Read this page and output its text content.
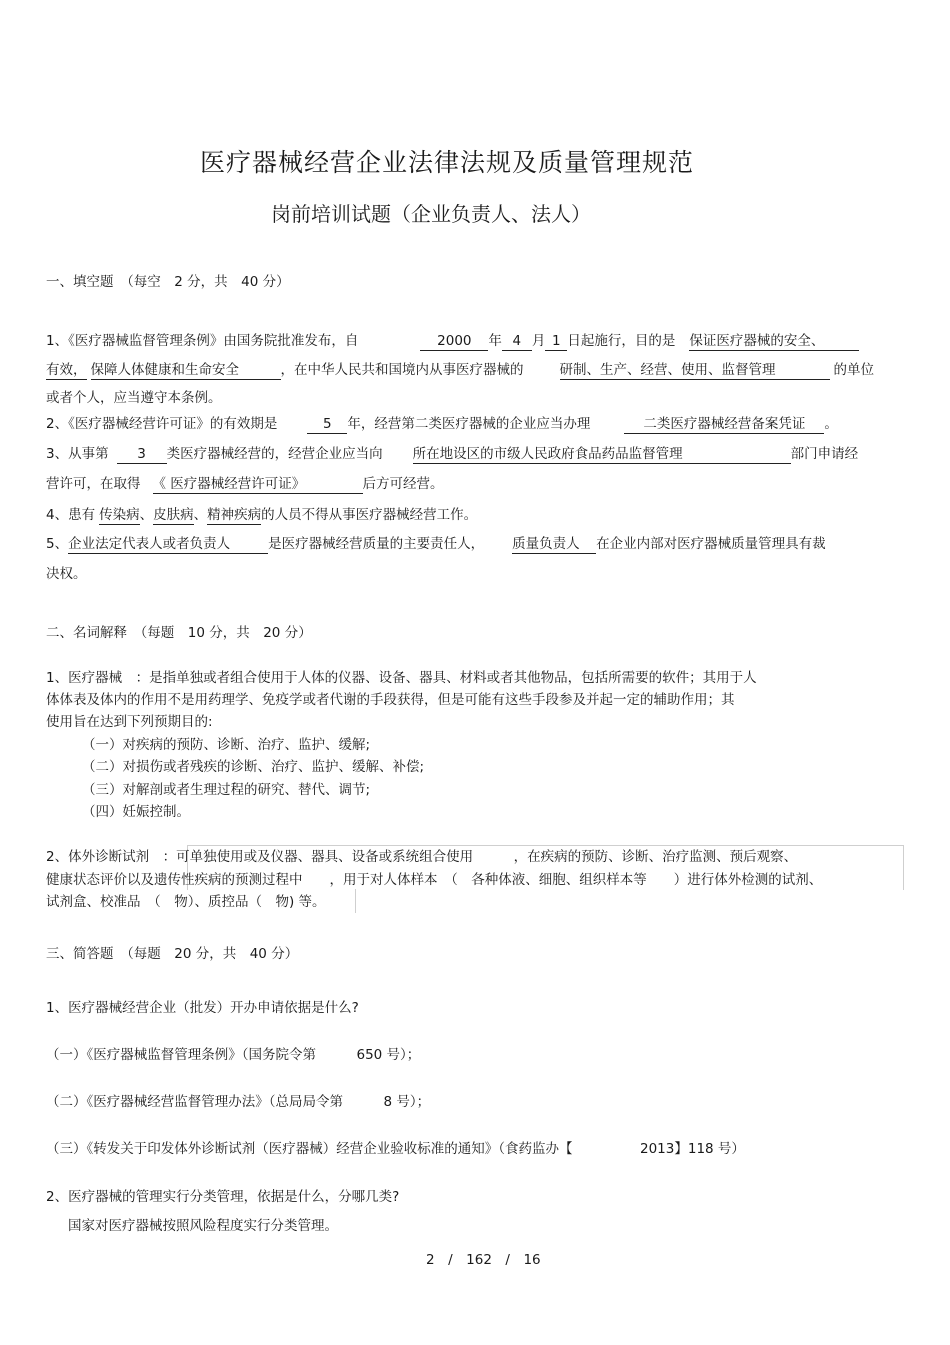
医疗器械经营企业法律法规及质量管理规范
岗前培训试题（企业负责人、法人）
一、填空题　（每空　2 分，共　40 分）
1、《医疗器械监督管理条例》由国务院批准发布，自	2000 年 4 月 1 日起施行，目的是 保证医疗器械的安全、
有效， 保障人体健康和生命安全	，在中华人民共和国境内从事医疗器械的	研制、生产、经营、使用、监督管理	的单位
或者个人，应当遵守本条例。
2、《医疗器械经营许可证》的有效期是	5 年，经营第二类医疗器械的企业应当办理	二类医疗器械经营备案凭证 。
3、从事第 3 类医疗器械经营的，经营企业应当向 所在地设区的市级人民政府食品药品监督管理	部门申请经
营许可，在取得 《 医疗器械经营许可证》	后方可经营。
4、患有 传染病、皮肤病、精神疾病的人员不得从事医疗器械经营工作。
5、企业法定代表人或者负责人	是医疗器械经营质量的主要责任人， 质量负责人 在企业内部对医疗器械质量管理具有裁
决权。
二、名词解释　（每题　10 分，共　20 分）
1、医疗器械　：是指单独或者组合使用于人体的仪器、设备、器具、材料或者其他物品，包括所需要的软件；其用于人
体体表及体内的作用不是用药理学、免疫学或者代谢的手段获得，但是可能有这些手段参及并起一定的辅助作用；其
使用旨在达到下列预期目的:
（一）对疾病的预防、诊断、治疗、监护、缓解;
（二）对损伤或者残疾的诊断、治疗、监护、缓解、补偿;
（三）对解剖或者生理过程的研究、替代、调节;
（四）妊娠控制。
2、体外诊断试剂　：可单独使用或及仪器、器具、设备或系统组合使用　　　，在疾病的预防、诊断、治疗监测、预后观察、
健康状态评价以及遗传性疾病的预测过程中　　，用于对人体样本　（　各种体液、细胞、组织样本等　　）进行体外检测的试剂、
试剂盒、校准品　（　物）、质控品（　物) 等。
三、简答题　（每题　20 分，共　40 分）
1、医疗器械经营企业（批发）开办申请依据是什么?
（一）《医疗器械监督管理条例》（国务院令第　　　650 号）；
（二）《医疗器械经营监督管理办法》（总局局令第　　　8 号）；
（三）《转发关于印发体外诊断试剂（医疗器械）经营企业验收标准的通知》（食药监办【　　　　　2013】118 号）
2、医疗器械的管理实行分类管理，依据是什么，分哪几类?
国家对医疗器械按照风险程度实行分类管理。
2　/　162　/　16
